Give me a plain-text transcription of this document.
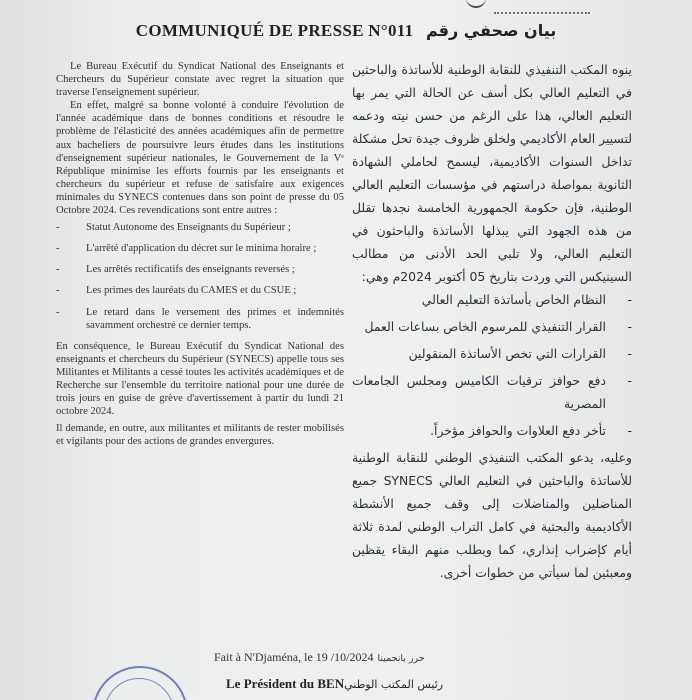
COMMUNIQUÉ DE PRESSE N°011 بيان صحفي رقم

Le Bureau Exécutif du Syndicat National des Enseignants et Chercheurs du Supérieur constate avec regret la situation que traverse l'enseignement supérieur.

En effet, malgré sa bonne volonté à conduire l'évolution de l'année académique dans de bonnes conditions et résoudre le problème de l'élasticité des années académiques afin de permettre aux bacheliers de poursuivre leurs études dans les institutions d'enseignement supérieur nationales, le Gouvernement de la Vᵉ République minimise les efforts fournis par les enseignants et chercheurs du supérieur et refuse de satisfaire aux exigences minimales du SYNECS contenues dans son point de presse du 05 Octobre 2024. Ces revendications sont entre autres :

- Statut Autonome des Enseignants du Supérieur ;
- L'arrêté d'application du décret sur le minima horaire ;
- Les arrêtés rectificatifs des enseignants reversés ;
- Les primes des lauréats du CAMES et du CSUE ;
- Le retard dans le versement des primes et indemnités savamment orchestré ce dernier temps.

En conséquence, le Bureau Exécutif du Syndicat National des enseignants et chercheurs du Supérieur (SYNECS) appelle tous ses Militantes et Militants a cessé toutes les activités académiques et de Recherche sur l'ensemble du territoire national pour une durée de trois jours en guise de grève d'avertissement à partir du lundi 21 octobre 2024.

Il demande, en outre, aux militantes et militants de rester mobilisés et vigilants pour des actions de grandes envergures.

ينوه المكتب التنفيذي للنقابة الوطنية للأساتذة والباحثين في التعليم العالي بكل أسف عن الحالة التي يمر بها التعليم العالي، هذا على الرغم من حسن نيته ودعمه لتسيير العام الأكاديمي ولخلق ظروف جيدة تحل مشكلة تداخل السنوات الأكاديمية، ليسمح لحاملي الشهادة الثانوية بمواصلة دراستهم في مؤسسات التعليم العالي الوطنية، فإن حكومة الجمهورية الخامسة نجدها تقلل من هذه الجهود التي يبذلها الأساتذة والباحثون في التعليم العالي، ولا تلبي الحد الأدنى من مطالب السينيكس التي وردت بتاريخ 05 أكتوبر 2024م وهي:

-
النظام الخاص بأساتذة التعليم العالي
-
القرار التنفيذي للمرسوم الخاص بساعات العمل
-
القرارات التي تخص الأساتذة المنقولين
-
دفع حوافز ترقيات الكاميس ومجلس الجامعات المصرية
-
تأخر دفع العلاوات والحوافز مؤخراً.

وعليه، يدعو المكتب التنفيذي الوطني للنقابة الوطنية للأساتذة والباحثين في التعليم العالي SYNECS جميع المناضلين والمناضلات إلى وقف جميع الأنشطة الأكاديمية والبحثية في كامل التراب الوطني لمدة ثلاثة أيام كإضراب إنذاري، كما ويطلب منهم البقاء يقظين ومعبئين لما سيأتي من خطوات أخرى.

Fait à N'Djaména, le 19 /10/2024 حرر بانجمينا
Le Président du BENرئيس المكتب الوطني
